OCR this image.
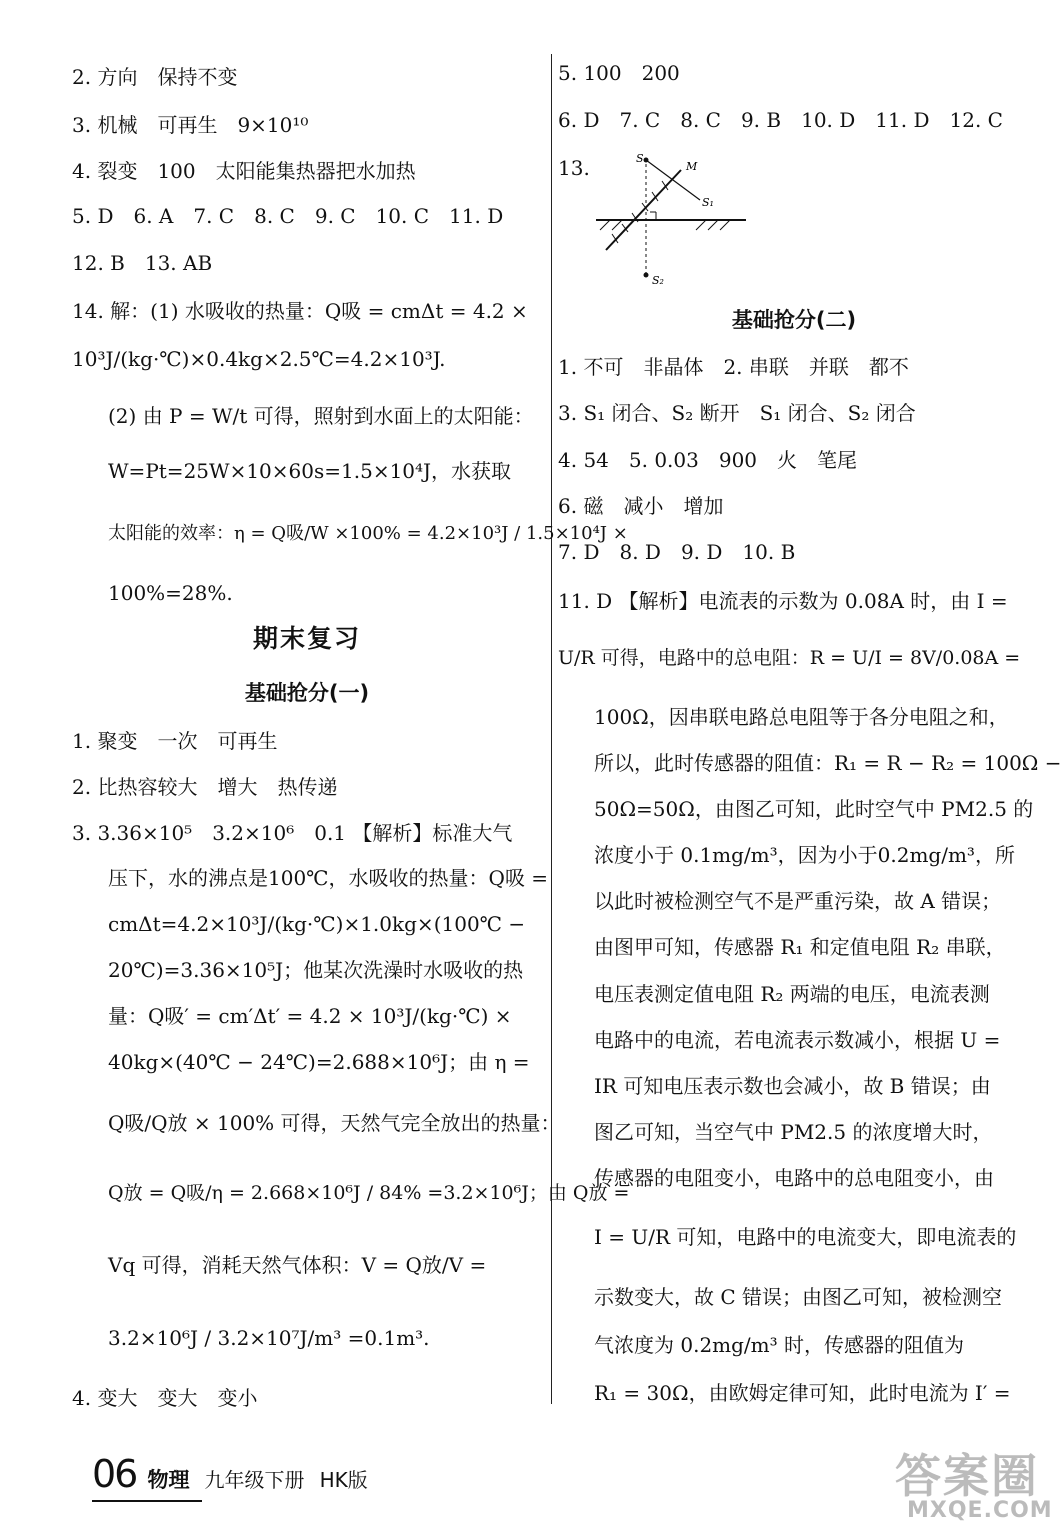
2. 方向　保持不变
3. 机械　可再生　9×10¹⁰
4. 裂变　100　太阳能集热器把水加热
5. D　6. A　7. C　8. C　9. C　10. C　11. D
12. B　13. AB
14. 解：(1) 水吸收的热量：Q吸 = cmΔt = 4.2 ×
10³J/(kg·℃)×0.4kg×2.5℃=4.2×10³J.
(2) 由 P = W/t 可得，照射到水面上的太阳能：
W=Pt=25W×10×60s=1.5×10⁴J，水获取
太阳能的效率：η = Q吸/W ×100% = 4.2×10³J / 1.5×10⁴J ×
100%=28%.
期末复习
基础抢分(一)
1. 聚变　一次　可再生
2. 比热容较大　增大　热传递
3. 3.36×10⁵　3.2×10⁶　0.1 【解析】标准大气
压下，水的沸点是100℃，水吸收的热量：Q吸 =
cmΔt=4.2×10³J/(kg·℃)×1.0kg×(100℃ −
20℃)=3.36×10⁵J；他某次洗澡时水吸收的热
量：Q吸′ = cm′Δt′ = 4.2 × 10³J/(kg·℃) ×
40kg×(40℃ − 24℃)=2.688×10⁶J；由 η =
Q吸/Q放 × 100% 可得，天然气完全放出的热量：
Q放 = Q吸/η = 2.668×10⁶J / 84% =3.2×10⁶J；由 Q放 =
Vq 可得，消耗天然气体积：V = Q放/V =
3.2×10⁶J / 3.2×10⁷J/m³ =0.1m³.
4. 变大　变大　变小
5. 100　200
6. D　7. C　8. C　9. B　10. D　11. D　12. C
13.	S
M
S₁
S₂
基础抢分(二)
1. 不可　非晶体　2. 串联　并联　都不
3. S₁ 闭合、S₂ 断开　S₁ 闭合、S₂ 闭合
4. 54　5. 0.03　900　火　笔尾
6. 磁　减小　增加
7. D　8. D　9. D　10. B
11. D 【解析】电流表的示数为 0.08A 时，由 I =
U/R 可得，电路中的总电阻：R = U/I = 8V/0.08A =
100Ω，因串联电路总电阻等于各分电阻之和，
所以，此时传感器的阻值：R₁ = R − R₂ = 100Ω −
50Ω=50Ω，由图乙可知，此时空气中 PM2.5 的
浓度小于 0.1mg/m³，因为小于0.2mg/m³，所
以此时被检测空气不是严重污染，故 A 错误；
由图甲可知，传感器 R₁ 和定值电阻 R₂ 串联，
电压表测定值电阻 R₂ 两端的电压，电流表测
电路中的电流，若电流表示数减小，根据 U =
IR 可知电压表示数也会减小，故 B 错误；由
图乙可知，当空气中 PM2.5 的浓度增大时，
传感器的电阻变小，电路中的总电阻变小，由
I = U/R 可知，电路中的电流变大，即电流表的
示数变大，故 C 错误；由图乙可知，被检测空
气浓度为 0.2mg/m³ 时，传感器的阻值为
R₁ = 30Ω，由欧姆定律可知，此时电流为 I′ =
06 物理 九年级下册 HK版	答案圈
MXQE.COM
